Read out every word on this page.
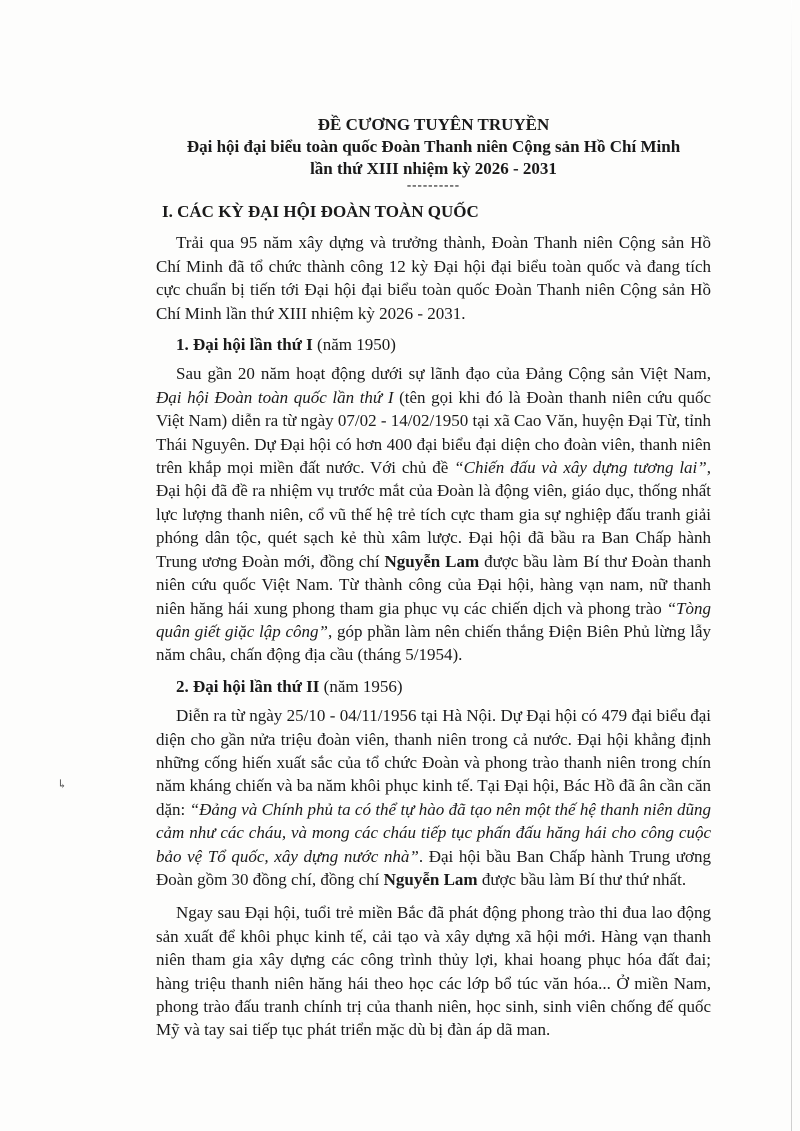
↳

ĐỀ CƯƠNG TUYÊN TRUYỀN

Đại hội đại biểu toàn quốc Đoàn Thanh niên Cộng sản Hồ Chí Minh

lần thứ XIII nhiệm kỳ 2026 - 2031

----------

I. CÁC KỲ ĐẠI HỘI ĐOÀN TOÀN QUỐC

Trải qua 95 năm xây dựng và trưởng thành, Đoàn Thanh niên Cộng sản Hồ Chí Minh đã tổ chức thành công 12 kỳ Đại hội đại biểu toàn quốc và đang tích cực chuẩn bị tiến tới Đại hội đại biểu toàn quốc Đoàn Thanh niên Cộng sản Hồ Chí Minh lần thứ XIII nhiệm kỳ 2026 - 2031.

1. Đại hội lần thứ I (năm 1950)

Sau gần 20 năm hoạt động dưới sự lãnh đạo của Đảng Cộng sản Việt Nam, Đại hội Đoàn toàn quốc lần thứ I (tên gọi khi đó là Đoàn thanh niên cứu quốc Việt Nam) diễn ra từ ngày 07/02 - 14/02/1950 tại xã Cao Văn, huyện Đại Từ, tỉnh Thái Nguyên. Dự Đại hội có hơn 400 đại biểu đại diện cho đoàn viên, thanh niên trên khắp mọi miền đất nước. Với chủ đề “Chiến đấu và xây dựng tương lai”, Đại hội đã đề ra nhiệm vụ trước mắt của Đoàn là động viên, giáo dục, thống nhất lực lượng thanh niên, cổ vũ thế hệ trẻ tích cực tham gia sự nghiệp đấu tranh giải phóng dân tộc, quét sạch kẻ thù xâm lược. Đại hội đã bầu ra Ban Chấp hành Trung ương Đoàn mới, đồng chí Nguyễn Lam được bầu làm Bí thư Đoàn thanh niên cứu quốc Việt Nam. Từ thành công của Đại hội, hàng vạn nam, nữ thanh niên hăng hái xung phong tham gia phục vụ các chiến dịch và phong trào “Tòng quân giết giặc lập công”, góp phần làm nên chiến thắng Điện Biên Phủ lừng lẫy năm châu, chấn động địa cầu (tháng 5/1954).

2. Đại hội lần thứ II (năm 1956)

Diễn ra từ ngày 25/10 - 04/11/1956 tại Hà Nội. Dự Đại hội có 479 đại biểu đại diện cho gần nửa triệu đoàn viên, thanh niên trong cả nước. Đại hội khẳng định những cống hiến xuất sắc của tổ chức Đoàn và phong trào thanh niên trong chín năm kháng chiến và ba năm khôi phục kinh tế. Tại Đại hội, Bác Hồ đã ân cần căn dặn: “Đảng và Chính phủ ta có thể tự hào đã tạo nên một thế hệ thanh niên dũng cảm như các cháu, và mong các cháu tiếp tục phấn đấu hăng hái cho công cuộc bảo vệ Tổ quốc, xây dựng nước nhà”. Đại hội bầu Ban Chấp hành Trung ương Đoàn gồm 30 đồng chí, đồng chí Nguyễn Lam được bầu làm Bí thư thứ nhất.

Ngay sau Đại hội, tuổi trẻ miền Bắc đã phát động phong trào thi đua lao động sản xuất để khôi phục kinh tế, cải tạo và xây dựng xã hội mới. Hàng vạn thanh niên tham gia xây dựng các công trình thủy lợi, khai hoang phục hóa đất đai; hàng triệu thanh niên hăng hái theo học các lớp bổ túc văn hóa... Ở miền Nam, phong trào đấu tranh chính trị của thanh niên, học sinh, sinh viên chống đế quốc Mỹ và tay sai tiếp tục phát triển mặc dù bị đàn áp dã man.
